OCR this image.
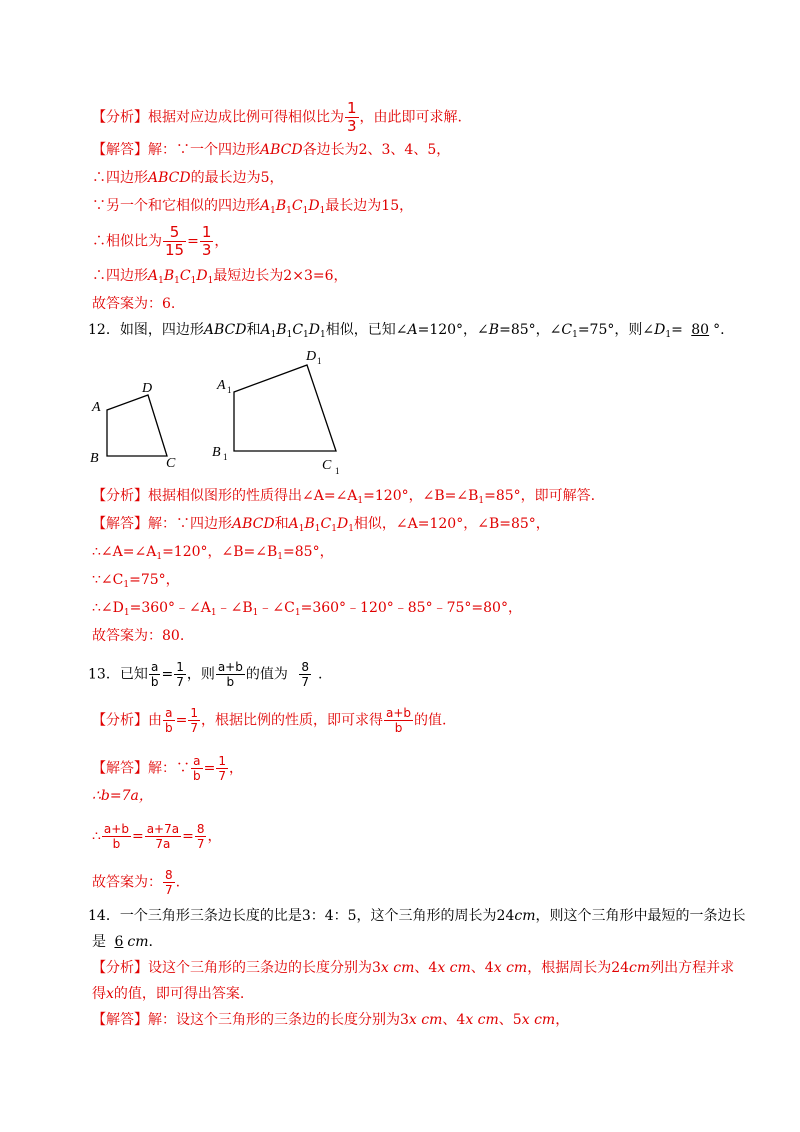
【分析】根据对应边成比例可得相似比为 $\frac{1}{3}$ ，由此即可求解.
【解答】解：∵一个四边形ABCD各边长为2、3、4、5，
∴四边形ABCD的最长边为5，
∵另一个和它相似的四边形$A_1B_1C_1D_1$最长边为15，
∴相似比为 $\frac{5}{15} = \frac{1}{3}$ ，
∴四边形$A_1B_1C_1D_1$最短边长为2×3=6，
故答案为：6.
12．如图，四边形ABCD和$A_1B_1C_1D_1$相似，已知∠A=120°，∠B=85°，$\angle C_1=75^\circ$，则$\angle D_1= 80$ °.
A
D
B	C
A 1
D 1
B 1
C 1
【分析】根据相似图形的性质得出$\angle A=\angle A_1=120^\circ$，$\angle B=\angle B_1=85^\circ$，即可解答.
【解答】解：∵四边形ABCD和$A_1B_1C_1D_1$相似，∠A=120°，∠B=85°，
$\therefore\angle A=\angle A_1=120^\circ$，$\angle B=\angle B_1=85^\circ$，
$\because\angle C_1=75^\circ$，
$\therefore\angle D_1=360^\circ﹣\angle A_1﹣\angle B_1﹣\angle C_1=360^\circ﹣120^\circ﹣85^\circ﹣75^\circ=80^\circ$，
故答案为：80.
13．已知 $\frac{a}{b} = \frac{1}{7}$ ，则 $\frac{a+b}{b}$ 的值为 $\frac{8}{7}$ .
【分析】由 $\frac{a}{b} = \frac{1}{7}$ ，根据比例的性质，即可求得 $\frac{a+b}{b}$ 的值.
【解答】解：∵ $\frac{a}{b} = \frac{1}{7}$ ，
∴b=7a，
∴ $\frac{a+b}{b} = \frac{a+7a}{7a} = \frac{8}{7}$ ，
故答案为： $\frac{8}{7}$ .
14．一个三角形三条边长度的比是3：4：5，这个三角形的周长为24cm，则这个三角形中最短的一条边长
是 6 cm.
【分析】设这个三角形的三条边的长度分别为3x cm、4x cm、4x cm，根据周长为24cm列出方程并求
得x的值，即可得出答案.
【解答】解：设这个三角形的三条边的长度分别为3x cm、4x cm、5x cm，
